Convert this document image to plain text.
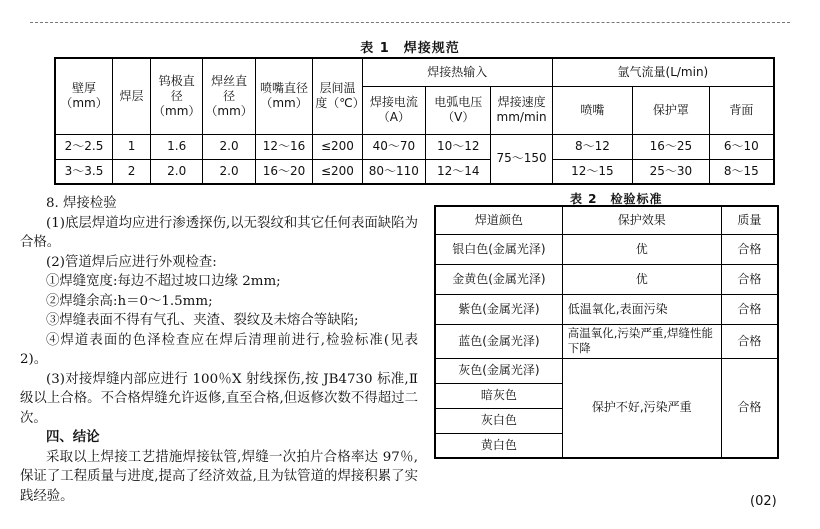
表 1　焊接规范
壁厚（mm）	焊层	钨极直径（mm）	焊丝直径（mm）	喷嘴直径（mm）	层间温度（℃）	焊接热输入			氩气流量(L/min)		
						焊接电流（A）	电弧电压（V）	焊接速度 mm/min	喷嘴	保护罩	背面
2～2.5	1	1.6	2.0	12～16	≤200	40～70	10～12	75～150	8～12	16～25	6～10
3～3.5	2	2.0	2.0	16～20	≤200	80～110	12～14		12～15	25～30	8～15
表 2　检验标准
焊道颜色	保护效果	质量
银白色(金属光泽)	优	合格
金黄色(金属光泽)	优	合格
紫色(金属光泽)	低温氧化,表面污染	合格
蓝色(金属光泽)	高温氧化,污染严重,焊缝性能下降	合格
灰色(金属光泽)	保护不好,污染严重	合格
暗灰色		
灰白色		
黄白色		

8. 焊接检验

(1)底层焊道均应进行渗透探伤,以无裂纹和其它任何表面缺陷为合格。

(2)管道焊后应进行外观检查:

①焊缝宽度:每边不超过坡口边缘 2mm;

②焊缝余高:h＝0～1.5mm;

③焊缝表面不得有气孔、夹渣、裂纹及未熔合等缺陷;

④焊道表面的色泽检查应在焊后清理前进行,检验标准(见表 2)。

(3)对接焊缝内部应进行 100％X 射线探伤,按 JB4730 标准,Ⅱ级以上合格。不合格焊缝允许返修,直至合格,但返修次数不得超过二次。

四、结论

采取以上焊接工艺措施焊接钛管,焊缝一次拍片合格率达 97％,保证了工程质量与进度,提高了经济效益,且为钛管道的焊接积累了实践经验。	(02)
